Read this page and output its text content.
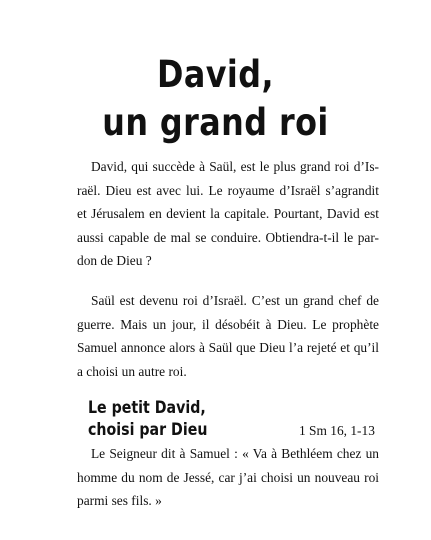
David,
un grand roi
David, qui succède à Saül, est le plus grand roi d’Is-
raël. Dieu est avec lui. Le royaume d’Israël s’agrandit
et Jérusalem en devient la capitale. Pourtant, David est
aussi capable de mal se conduire. Obtiendra-t-il le par-
don de Dieu ?
Saül est devenu roi d’Israël. C’est un grand chef de
guerre. Mais un jour, il désobéit à Dieu. Le prophète
Samuel annonce alors à Saül que Dieu l’a rejeté et qu’il
a choisi un autre roi.
Le petit David,
choisi par Dieu	1 Sm 16, 1-13
Le Seigneur dit à Samuel : « Va à Bethléem chez un
homme du nom de Jessé, car j’ai choisi un nouveau roi
parmi ses fils. »
